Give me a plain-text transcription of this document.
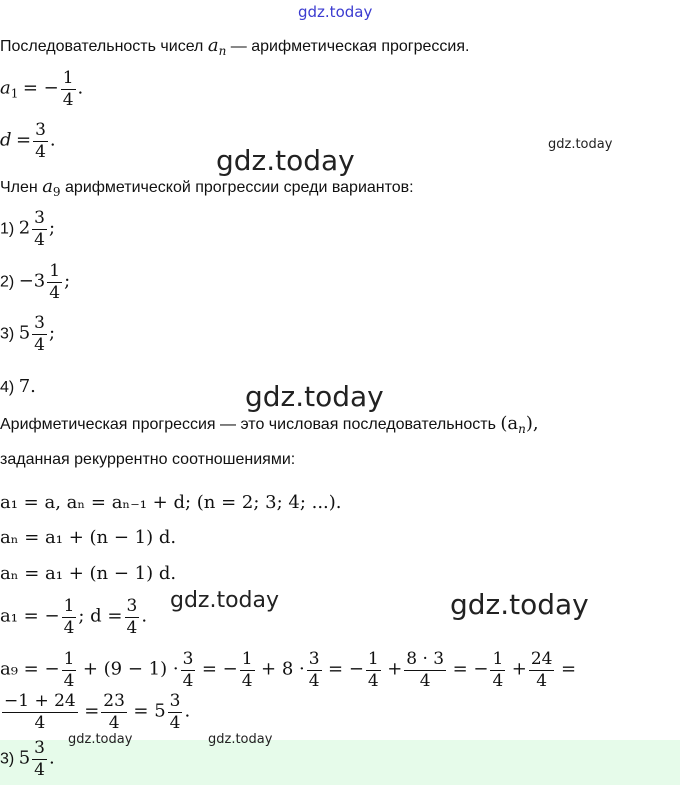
gdz.today
gdz.today
gdz.today
gdz.today
gdz.today	gdz.today
gdz.today	gdz.today
Последовательность чисел $a_n$ — арифметическая прогрессия.
$a_1$ = − $\frac{1}{4}$ .
$d = \frac{3}{4}$ .
Член $a_9$ арифметической прогрессии среди вариантов:
1) $2 \frac{3}{4}$ ;
$2) -3 \frac{1}{4}$ ;
3) $5 \frac{3}{4}$ ;
4) 7.
Арифметическая прогрессия — это числовая последовательность $(a_n)$,
заданная рекуррентно соотношениями:
a₁ = a, aₙ = aₙ₋₁ + d; (n = 2; 3; 4; ...).
aₙ = a₁ + (n − 1) d.
aₙ = a₁ + (n − 1) d.
a₁ = − $\frac{1}{4}$ ; $d = \frac{3}{4}$ .
a₉ = − $\frac{1}{4} + (9 - 1) \cdot \frac{3}{4}$ = − $\frac{1}{4} + 8 \cdot \frac{3}{4}$ = − $\frac{1}{4} + \frac{8 \cdot 3}{4}$ = − $\frac{1}{4} + \frac{24}{4}$ =
$\frac{-1 + 24}{4} = \frac{23}{4} = 5 \frac{3}{4}$ .
3) $5 \frac{3}{4}$ .
